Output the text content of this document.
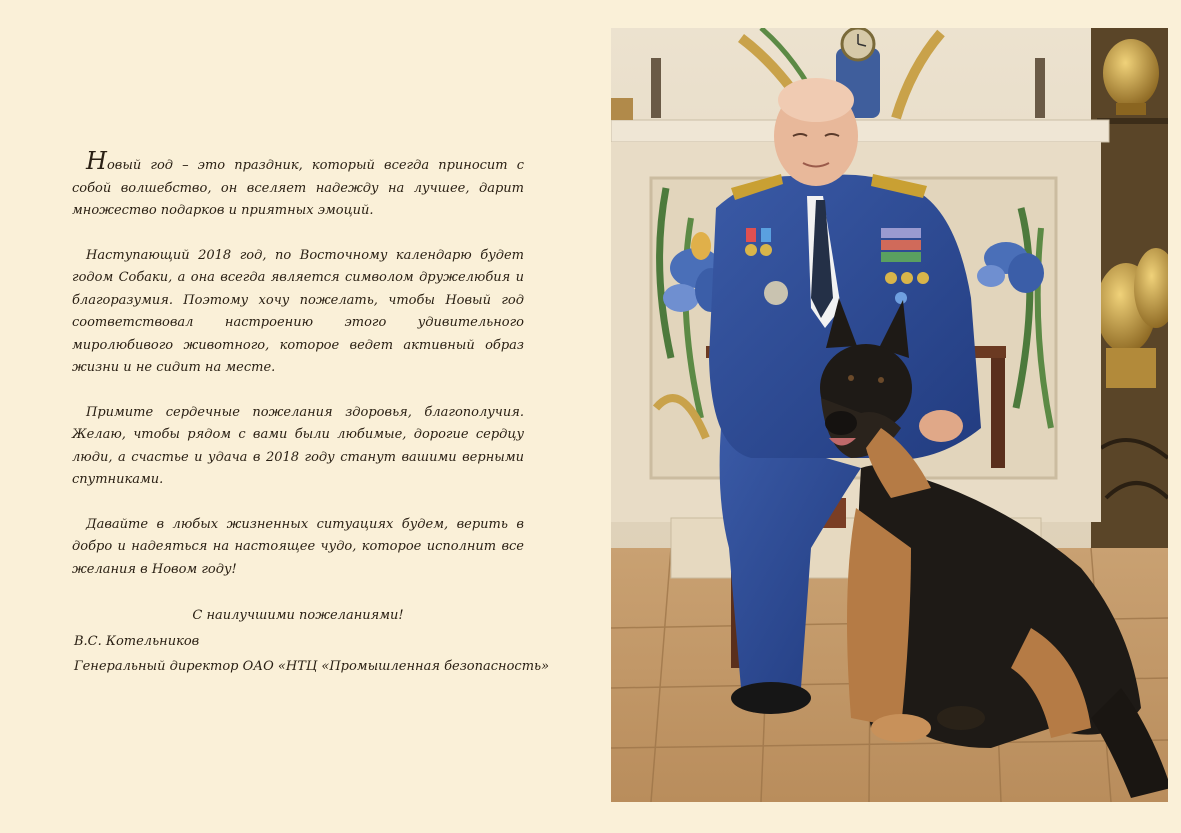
Новый год – это праздник, который всегда приносит с собой волшебство, он вселяет надежду на лучшее, дарит множество подарков и приятных эмоций.

Наступающий 2018 год, по Восточному календарю будет годом Собаки, а она всегда является символом дружелюбия и благоразумия. Поэтому хочу пожелать, чтобы Новый год соответствовал настроению этого удивительного миролюбивого животного, которое ведет активный образ жизни и не сидит на месте.

Примите сердечные пожелания здоровья, благополучия. Желаю, чтобы рядом с вами были любимые, дорогие сердцу люди, а счастье и удача в 2018 году станут вашими верными спутниками.

Давайте в любых жизненных ситуациях будем, верить в добро и надеяться на настоящее чудо, которое исполнит все желания в Новом году!

С наилучшими пожеланиями!
В.С. Котельников
Генеральный директор ОАО «НТЦ «Промышленная безопасность»
